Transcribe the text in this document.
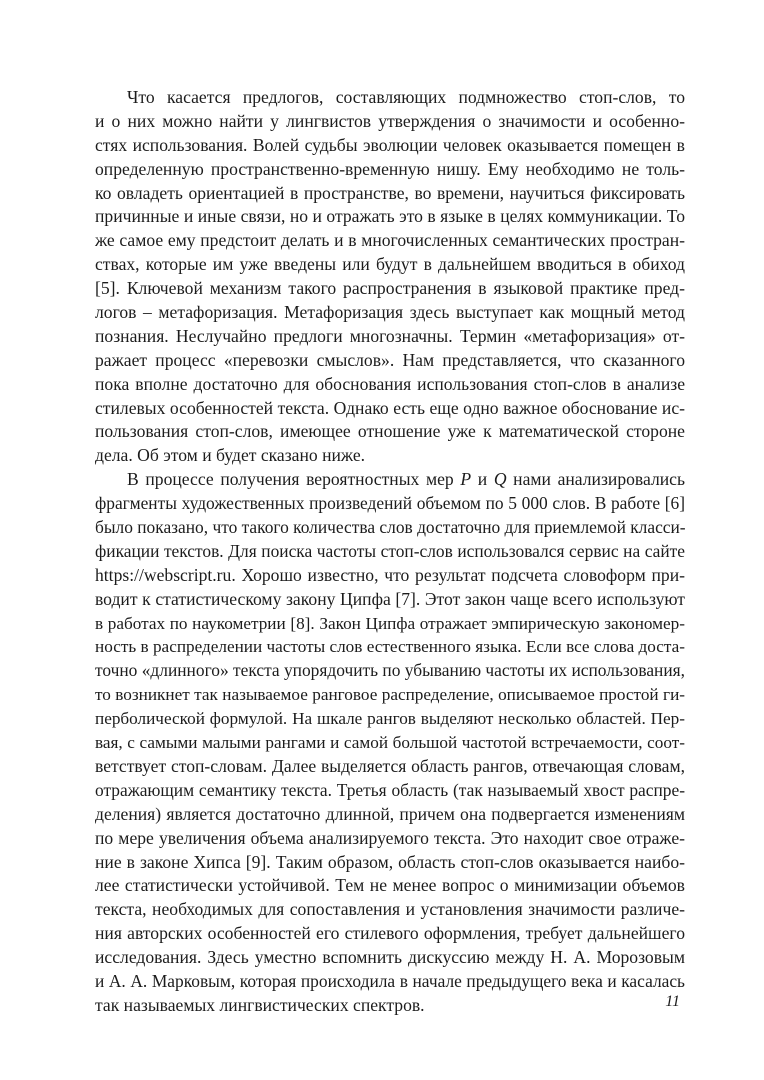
Что касается предлогов, составляющих подмножество стоп-слов, то
и о них можно найти у лингвистов утверждения о значимости и особенно-
стях использования. Волей судьбы эволюции человек оказывается помещен в
определенную пространственно-временную нишу. Ему необходимо не толь-
ко овладеть ориентацией в пространстве, во времени, научиться фиксировать
причинные и иные связи, но и отражать это в языке в целях коммуникации. То
же самое ему предстоит делать и в многочисленных семантических простран-
ствах, которые им уже введены или будут в дальнейшем вводиться в обиход
[5]. Ключевой механизм такого распространения в языковой практике пред-
логов – метафоризация. Метафоризация здесь выступает как мощный метод
познания. Неслучайно предлоги многозначны. Термин «метафоризация» от-
ражает процесс «перевозки смыслов». Нам представляется, что сказанного
пока вполне достаточно для обоснования использования стоп-слов в анализе
стилевых особенностей текста. Однако есть еще одно важное обоснование ис-
пользования стоп-слов, имеющее отношение уже к математической стороне
дела. Об этом и будет сказано ниже.
В процессе получения вероятностных мер P и Q нами анализировались
фрагменты художественных произведений объемом по 5 000 слов. В работе [6]
было показано, что такого количества слов достаточно для приемлемой класси-
фикации текстов. Для поиска частоты стоп-слов использовался сервис на сайте
https://webscript.ru. Хорошо известно, что результат подсчета словоформ при-
водит к статистическому закону Ципфа [7]. Этот закон чаще всего используют
в работах по наукометрии [8]. Закон Ципфа отражает эмпирическую закономер-
ность в распределении частоты слов естественного языка. Если все слова доста-
точно «длинного» текста упорядочить по убыванию частоты их использования,
то возникнет так называемое ранговое распределение, описываемое простой ги-
перболической формулой. На шкале рангов выделяют несколько областей. Пер-
вая, с самыми малыми рангами и самой большой частотой встречаемости, соот-
ветствует стоп-словам. Далее выделяется область рангов, отвечающая словам,
отражающим семантику текста. Третья область (так называемый хвост распре-
деления) является достаточно длинной, причем она подвергается изменениям
по мере увеличения объема анализируемого текста. Это находит свое отраже-
ние в законе Хипса [9]. Таким образом, область стоп-слов оказывается наибо-
лее статистически устойчивой. Тем не менее вопрос о минимизации объемов
текста, необходимых для сопоставления и установления значимости различе-
ния авторских особенностей его стилевого оформления, требует дальнейшего
исследования. Здесь уместно вспомнить дискуссию между Н. А. Морозовым
и А. А. Марковым, которая происходила в начале предыдущего века и касалась
так называемых лингвистических спектров.	11
